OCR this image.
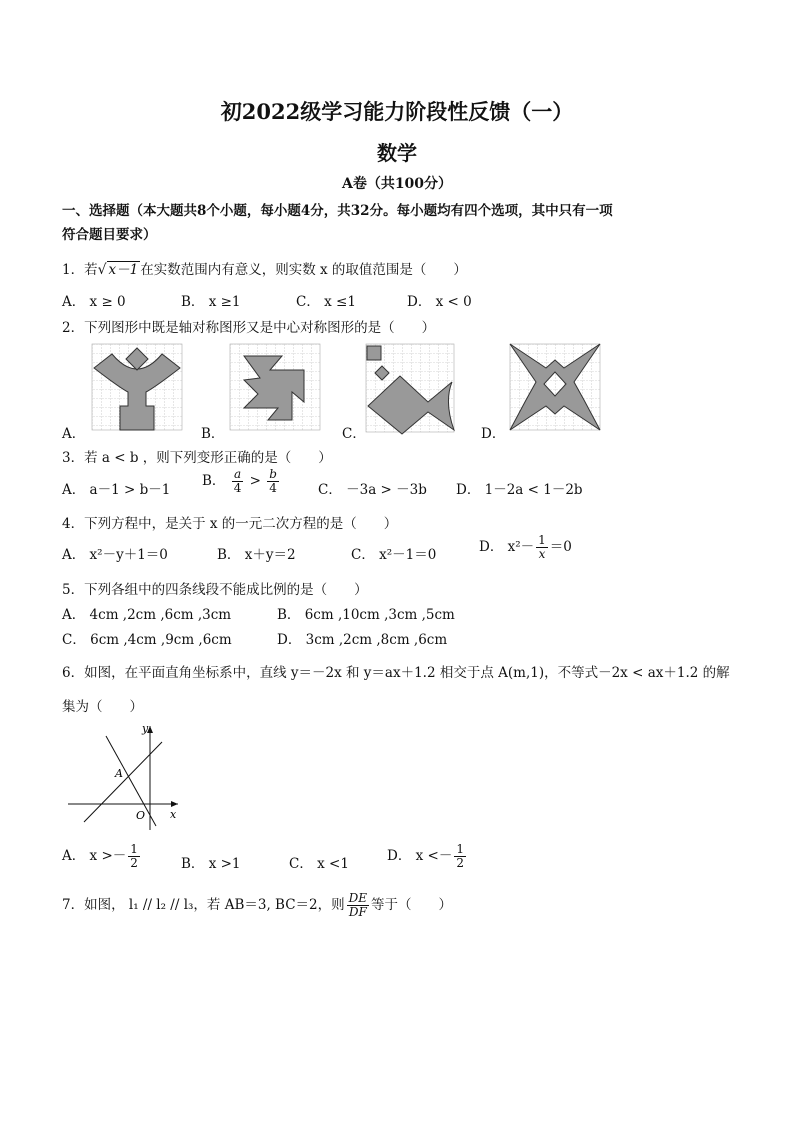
初2022级学习能力阶段性反馈（一）
数学
A卷（共100分）
一、选择题（本大题共8个小题，每小题4分，共32分。每小题均有四个选项，其中只有一项
符合题目要求）
1．若√ x－1 在实数范围内有意义，则实数 x 的取值范围是（　　）
A． x ≥ 0	B． x ≥1	C． x ≤1	D． x < 0
2．下列图形中既是轴对称图形又是中心对称图形的是（　　）
A．	B．	C．	D．
3．若 a < b ，则下列变形正确的是（　　）
A． a－1 > b－1
B． $\frac{a}{4} > \frac{b}{4}$	C． －3a > －3b D． 1－2a < 1－2b
4．下列方程中，是关于 x 的一元二次方程的是（　　）
A． x²－y＋1＝0	B． x＋y＝2	C． x²－1＝0	D． $x^2- \frac{1}{x} =0$
5．下列各组中的四条线段不能成比例的是（　　）
A． 4cm ,2cm ,6cm ,3cm	B． 6cm ,10cm ,3cm ,5cm
C． 6cm ,4cm ,9cm ,6cm	D． 3cm ,2cm ,8cm ,6cm
6．如图，在平面直角坐标系中，直线 y＝－2x 和 y＝ax＋1.2 相交于点 A(m,1)，不等式－2x < ax＋1.2 的解
集为（　　）
y
x
O
A
A． $x >- \frac{1}{2}$	B． x >1	C． x <1	D． $x <- \frac{1}{2}$
7．如图， l₁ // l₂ // l₃，若 AB＝3, BC＝2，则 $\frac{DE}{DF}$ 等于（　　）
